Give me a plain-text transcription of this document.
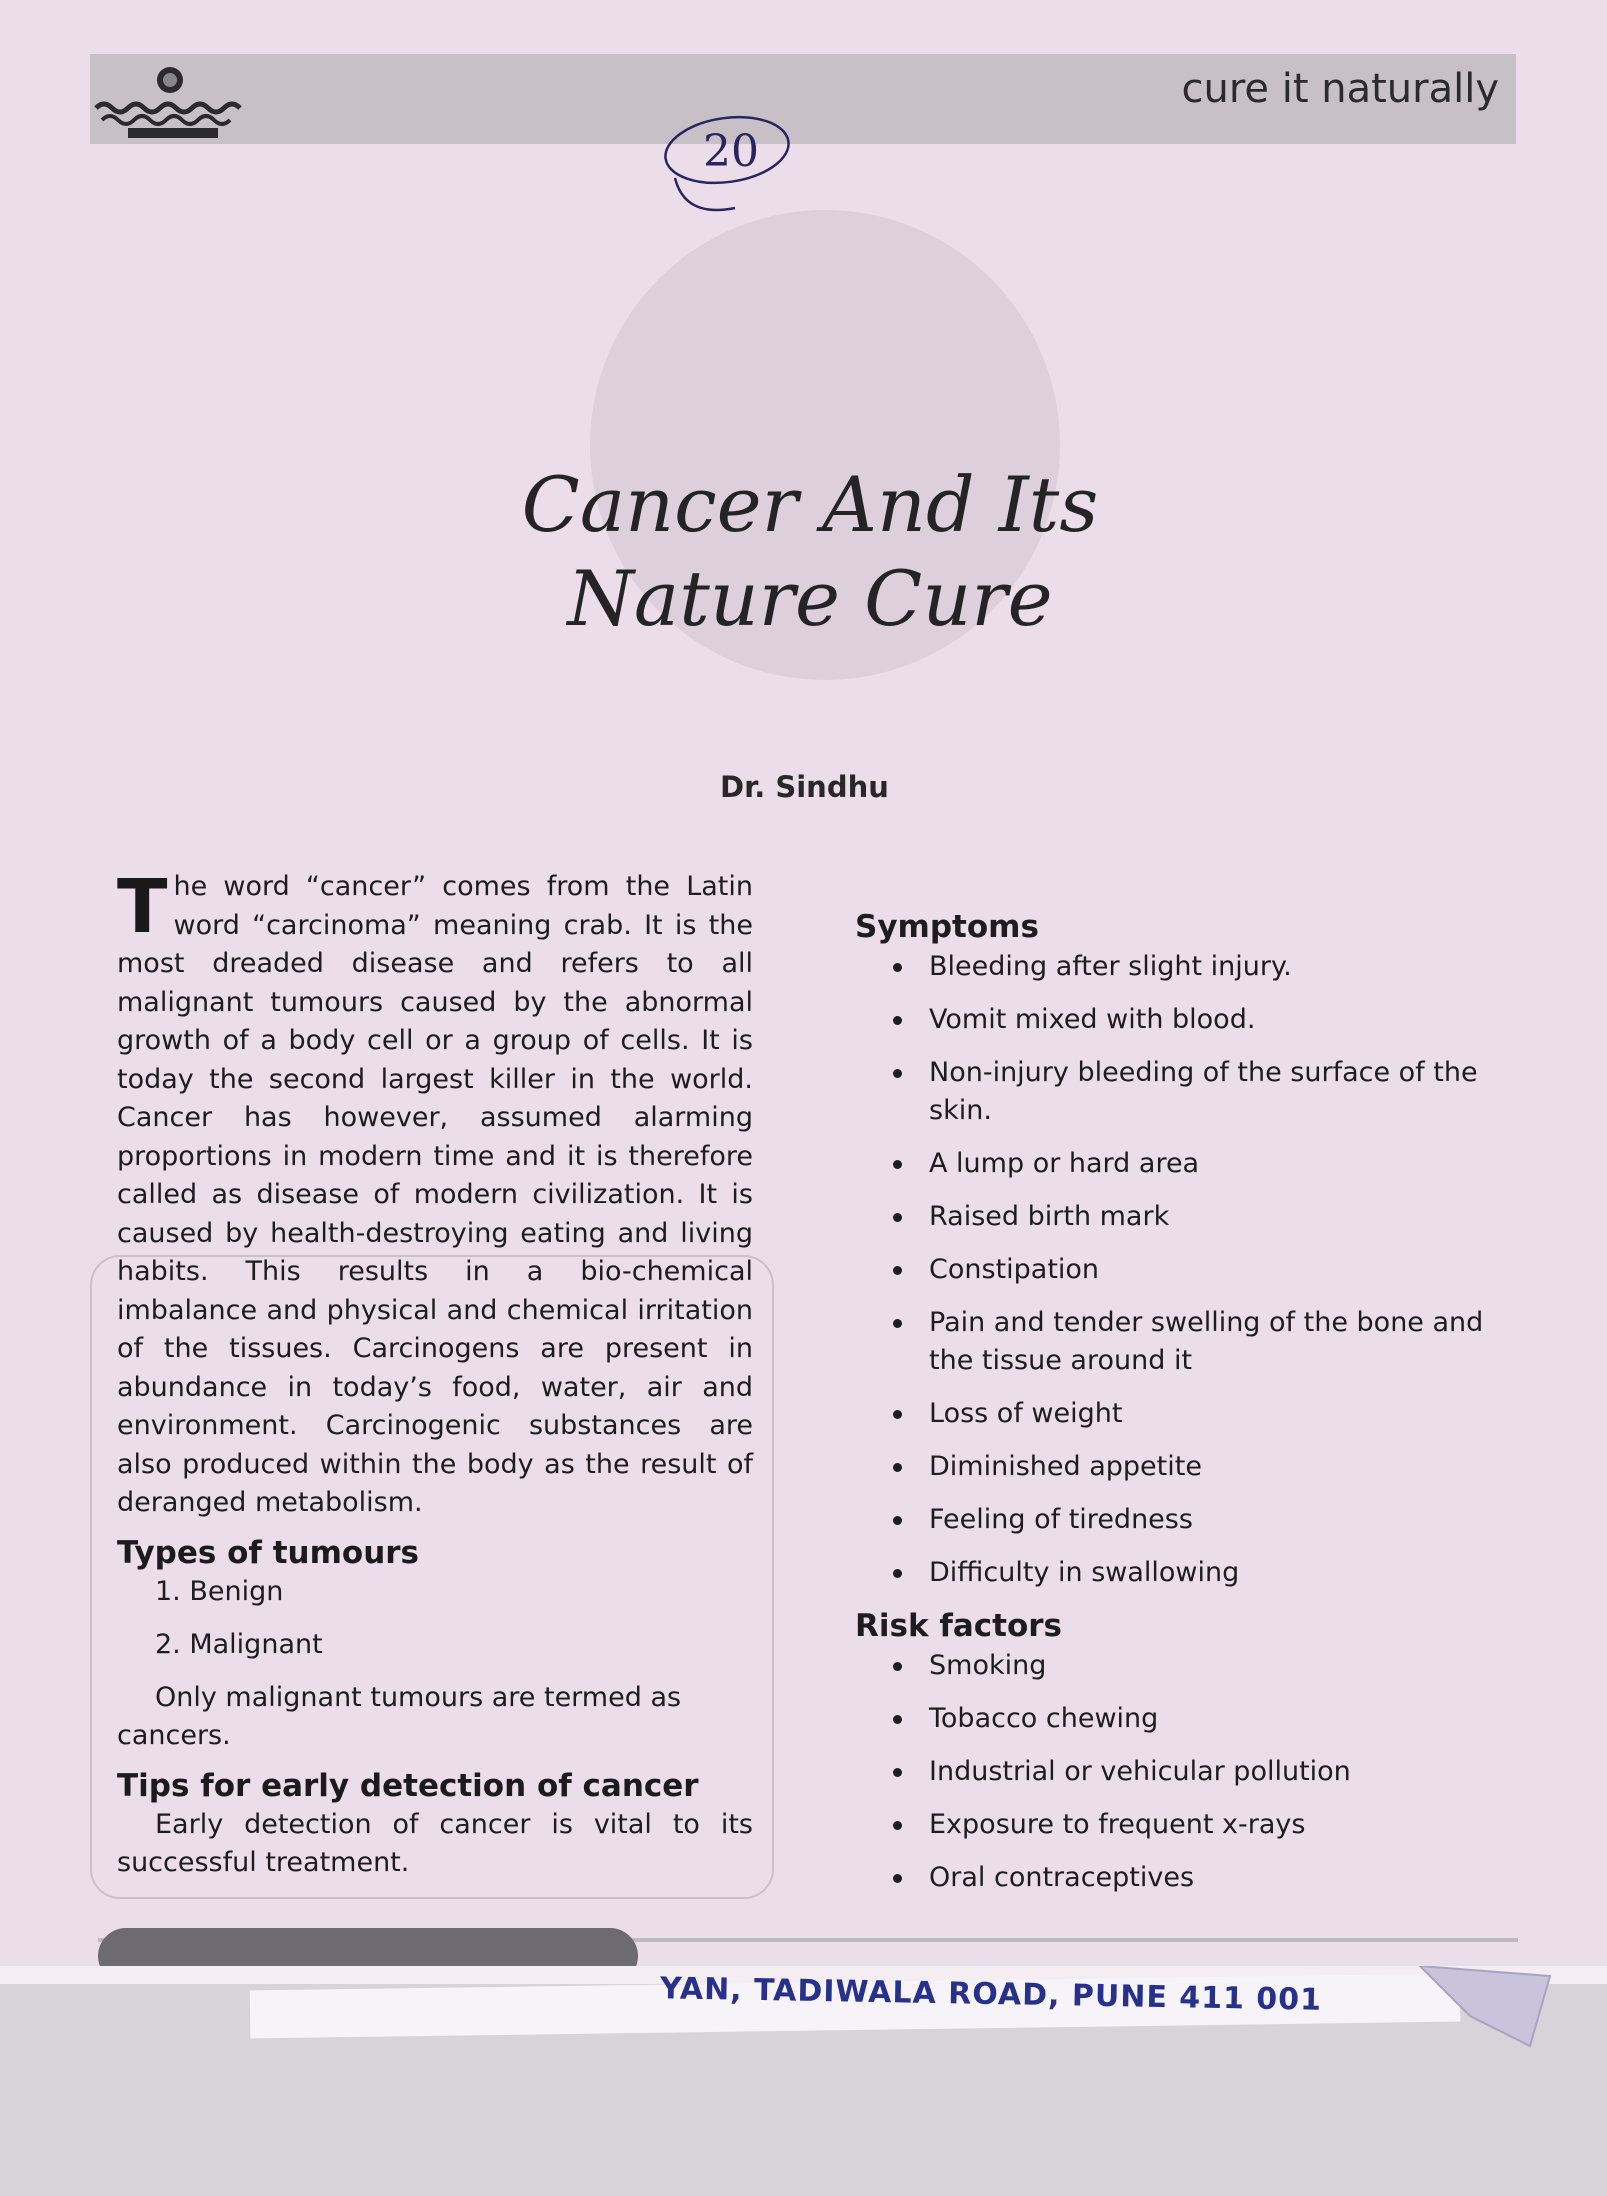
cure it naturally
20
Cancer And Its
Nature Cure
Dr. Sindhu

The word “cancer” comes from the Latin word “carcinoma” meaning crab. It is the most dreaded disease and refers to all malignant tumours caused by the abnormal growth of a body cell or a group of cells. It is today the second largest killer in the world. Cancer has however, assumed alarming proportions in modern time and it is therefore called as disease of modern civilization. It is caused by health-destroying eating and living habits. This results in a bio-chemical imbalance and physical and chemical irritation of the tissues. Carcinogens are present in abundance in today’s food, water, air and environment. Carcinogenic substances are also produced within the body as the result of deranged metabolism.

Types of tumours
1. Benign
2. Malignant

Only malignant tumours are termed as cancers.

Tips for early detection of cancer

Early detection of cancer is vital to its successful treatment.

Symptoms
Bleeding after slight injury.
Vomit mixed with blood.
Non-injury bleeding of the surface of the skin.
A lump or hard area
Raised birth mark
Constipation
Pain and tender swelling of the bone and the tissue around it
Loss of weight
Diminished appetite
Feeling of tiredness
Difficulty in swallowing
Risk factors
Smoking
Tobacco chewing
Industrial or vehicular pollution
Exposure to frequent x-rays
Oral contraceptives
YAN, TADIWALA ROAD, PUNE 411 001
